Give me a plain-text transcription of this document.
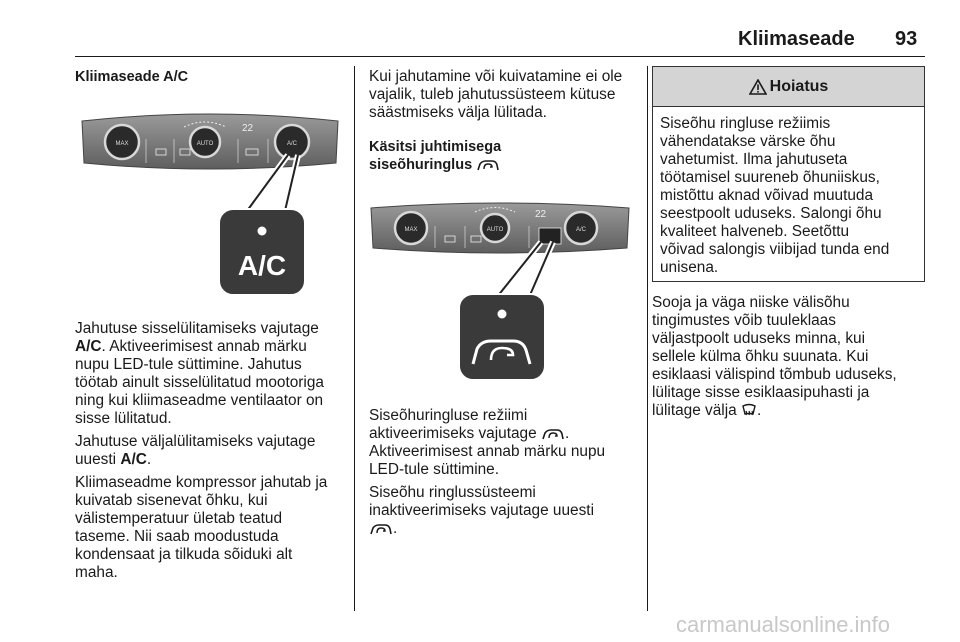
Kliimaseade 93
Kliimaseade A/C
MAX	AUTO	A/C
22
A/C
Jahutuse sisselülitamiseks vajutage
A/C. Aktiveerimisest annab märku
nupu LED-tule süttimine. Jahutus
töötab ainult sisselülitatud mootoriga
ning kui kliimaseadme ventilaator on
sisse lülitatud.
Jahutuse väljalülitamiseks vajutage
uuesti A/C.
Kliimaseadme kompressor jahutab ja
kuivatab sisenevat õhku, kui
välistemperatuur ületab teatud
taseme. Nii saab moodustuda
kondensaat ja tilkuda sõiduki alt
maha.
Kui jahutamine või kuivatamine ei ole
vajalik, tuleb jahutussüsteem kütuse
säästmiseks välja lülitada.
Käsitsi juhtimisega
siseõhuringlus
MAX	AUTO	A/C
22
Siseõhuringluse režiimi
aktiveerimiseks vajutage .
Aktiveerimisest annab märku nupu
LED-tule süttimine.
Siseõhu ringlussüsteemi
inaktiveerimiseks vajutage uuesti
.
Hoiatus
Siseõhu ringluse režiimis
vähendatakse värske õhu
vahetumist. Ilma jahutuseta
töötamisel suureneb õhuniiskus,
mistõttu aknad võivad muutuda
seestpoolt uduseks. Salongi õhu
kvaliteet halveneb. Seetõttu
võivad salongis viibijad tunda end
unisena.
Sooja ja väga niiske välisõhu
tingimustes võib tuuleklaas
väljastpoolt uduseks minna, kui
sellele külma õhku suunata. Kui
esiklaasi välispind tõmbub uduseks,
lülitage sisse esiklaasipuhasti ja
lülitage välja .
carmanualsonline.info
